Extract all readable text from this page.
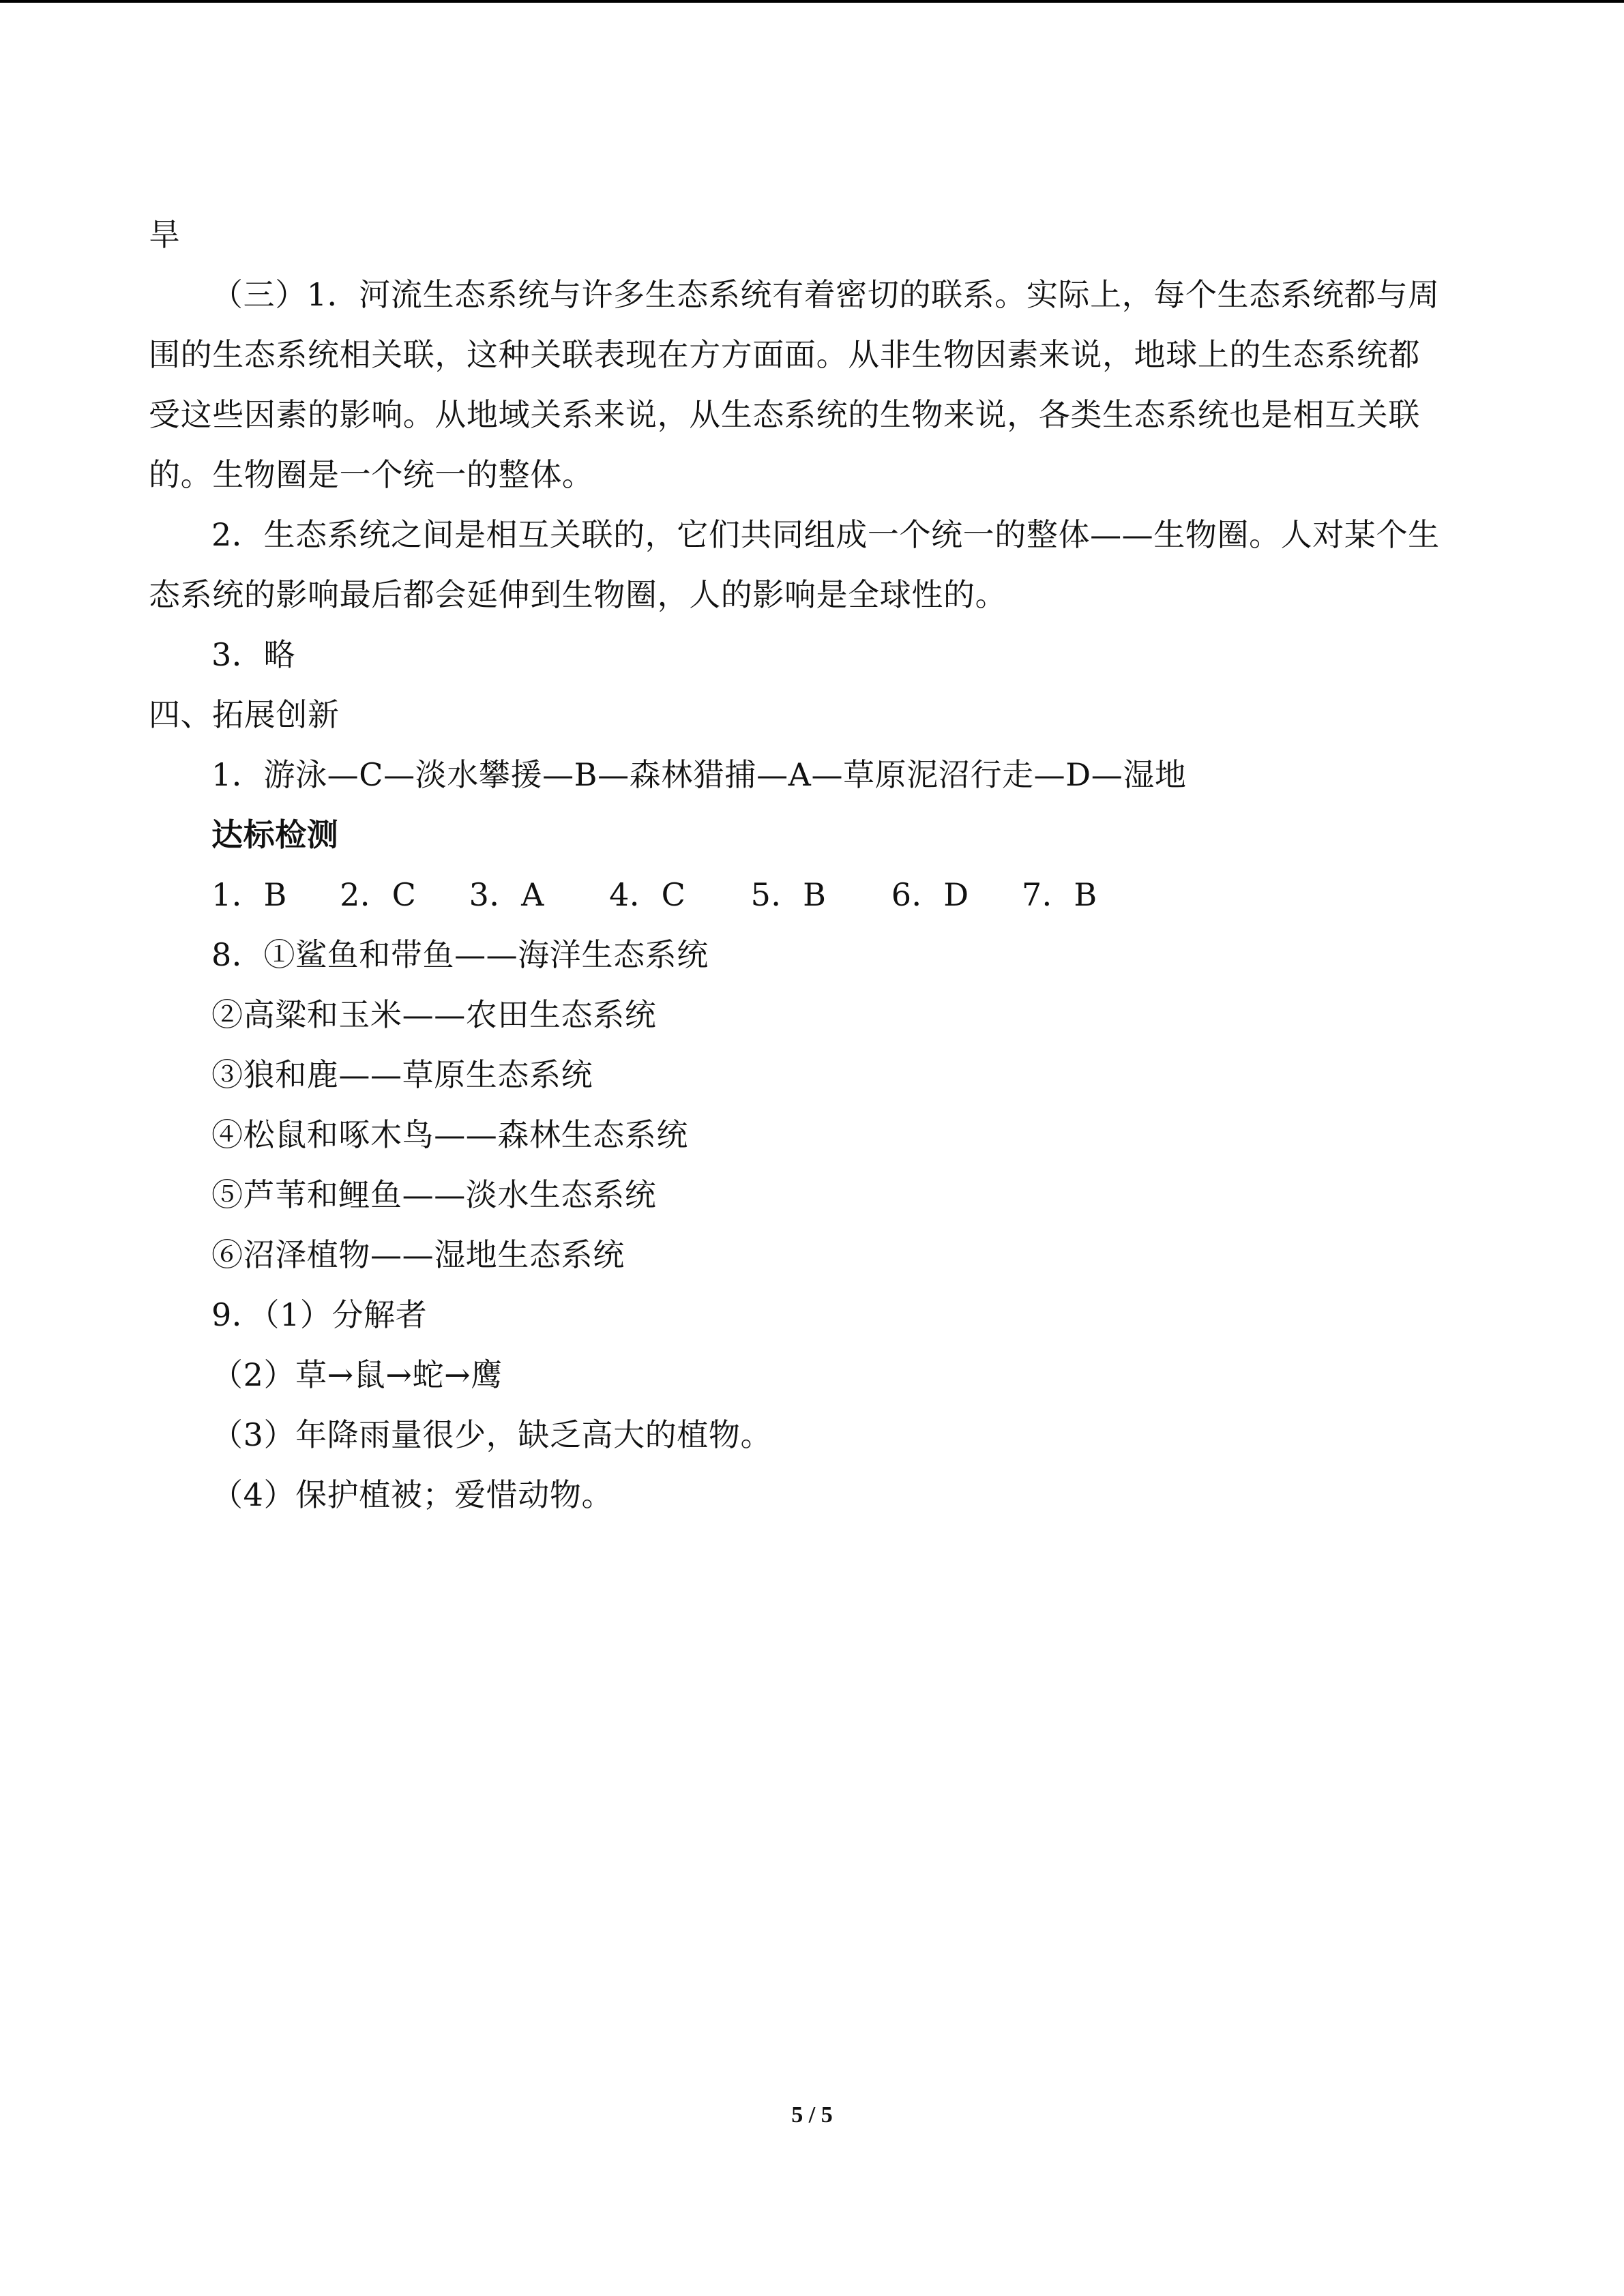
旱
（三）1．河流生态系统与许多生态系统有着密切的联系。实际上，每个生态系统都与周
围的生态系统相关联，这种关联表现在方方面面。从非生物因素来说，地球上的生态系统都
受这些因素的影响。从地域关系来说，从生态系统的生物来说，各类生态系统也是相互关联
的。生物圈是一个统一的整体。
2．生态系统之间是相互关联的，它们共同组成一个统一的整体——生物圈。人对某个生
态系统的影响最后都会延伸到生物圈，人的影响是全球性的。
3．略
四、拓展创新
1．游泳—C—淡水攀援—B—森林猎捕—A—草原泥沼行走—D—湿地
达标检测
1．B 2．C 3．A 4．C 5．B 6．D 7．B
8．①鲨鱼和带鱼——海洋生态系统
②高粱和玉米——农田生态系统
③狼和鹿——草原生态系统
④松鼠和啄木鸟——森林生态系统
⑤芦苇和鲤鱼——淡水生态系统
⑥沼泽植物——湿地生态系统
9．（1）分解者
（2）草→鼠→蛇→鹰
（3）年降雨量很少，缺乏高大的植物。
（4）保护植被；爱惜动物。
5 / 5
